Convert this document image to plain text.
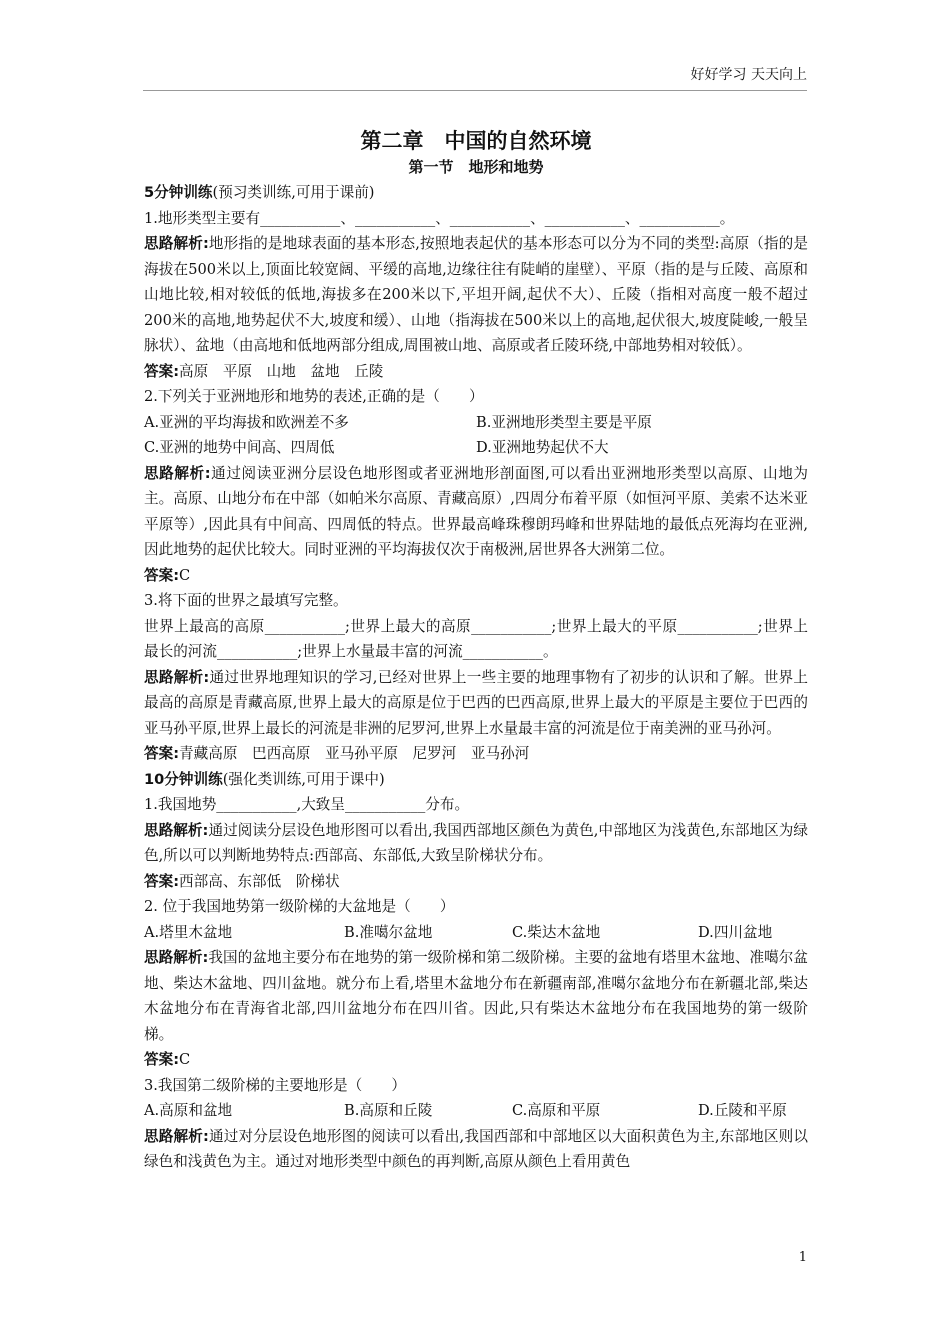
好好学习 天天向上

第二章　中国的自然环境

第一节　地形和地势

5分钟训练(预习类训练,可用于课前)

1.地形类型主要有___________、___________、___________、___________、___________。

思路解析:地形指的是地球表面的基本形态,按照地表起伏的基本形态可以分为不同的类型:高原（指的是海拔在500米以上,顶面比较宽阔、平缓的高地,边缘往往有陡峭的崖壁）、平原（指的是与丘陵、高原和山地比较,相对较低的低地,海拔多在200米以下,平坦开阔,起伏不大）、丘陵（指相对高度一般不超过200米的高地,地势起伏不大,坡度和缓）、山地（指海拔在500米以上的高地,起伏很大,坡度陡峻,一般呈脉状）、盆地（由高地和低地两部分组成,周围被山地、高原或者丘陵环绕,中部地势相对较低）。

答案:高原　平原　山地　盆地　丘陵

2.下列关于亚洲地形和地势的表述,正确的是（　　）

A.亚洲的平均海拔和欧洲差不多	B.亚洲地形类型主要是平原
C.亚洲的地势中间高、四周低	D.亚洲地势起伏不大

思路解析:通过阅读亚洲分层设色地形图或者亚洲地形剖面图,可以看出亚洲地形类型以高原、山地为主。高原、山地分布在中部（如帕米尔高原、青藏高原）,四周分布着平原（如恒河平原、美索不达米亚平原等）,因此具有中间高、四周低的特点。世界最高峰珠穆朗玛峰和世界陆地的最低点死海均在亚洲,因此地势的起伏比较大。同时亚洲的平均海拔仅次于南极洲,居世界各大洲第二位。

答案:C

3.将下面的世界之最填写完整。

世界上最高的高原___________;世界上最大的高原___________;世界上最大的平原___________;世界上最长的河流___________;世界上水量最丰富的河流___________。

思路解析:通过世界地理知识的学习,已经对世界上一些主要的地理事物有了初步的认识和了解。世界上最高的高原是青藏高原,世界上最大的高原是位于巴西的巴西高原,世界上最大的平原是主要位于巴西的亚马孙平原,世界上最长的河流是非洲的尼罗河,世界上水量最丰富的河流是位于南美洲的亚马孙河。

答案:青藏高原　巴西高原　亚马孙平原　尼罗河　亚马孙河

10分钟训练(强化类训练,可用于课中)

1.我国地势___________,大致呈___________分布。

思路解析:通过阅读分层设色地形图可以看出,我国西部地区颜色为黄色,中部地区为浅黄色,东部地区为绿色,所以可以判断地势特点:西部高、东部低,大致呈阶梯状分布。

答案:西部高、东部低　阶梯状

2. 位于我国地势第一级阶梯的大盆地是（　　）

A.塔里木盆地	B.准噶尔盆地	C.柴达木盆地	D.四川盆地

思路解析:我国的盆地主要分布在地势的第一级阶梯和第二级阶梯。主要的盆地有塔里木盆地、准噶尔盆地、柴达木盆地、四川盆地。就分布上看,塔里木盆地分布在新疆南部,准噶尔盆地分布在新疆北部,柴达木盆地分布在青海省北部,四川盆地分布在四川省。因此,只有柴达木盆地分布在我国地势的第一级阶梯。

答案:C

3.我国第二级阶梯的主要地形是（　　）

A.高原和盆地	B.高原和丘陵	C.高原和平原	D.丘陵和平原

思路解析:通过对分层设色地形图的阅读可以看出,我国西部和中部地区以大面积黄色为主,东部地区则以绿色和浅黄色为主。通过对地形类型中颜色的再判断,高原从颜色上看用黄色

1
